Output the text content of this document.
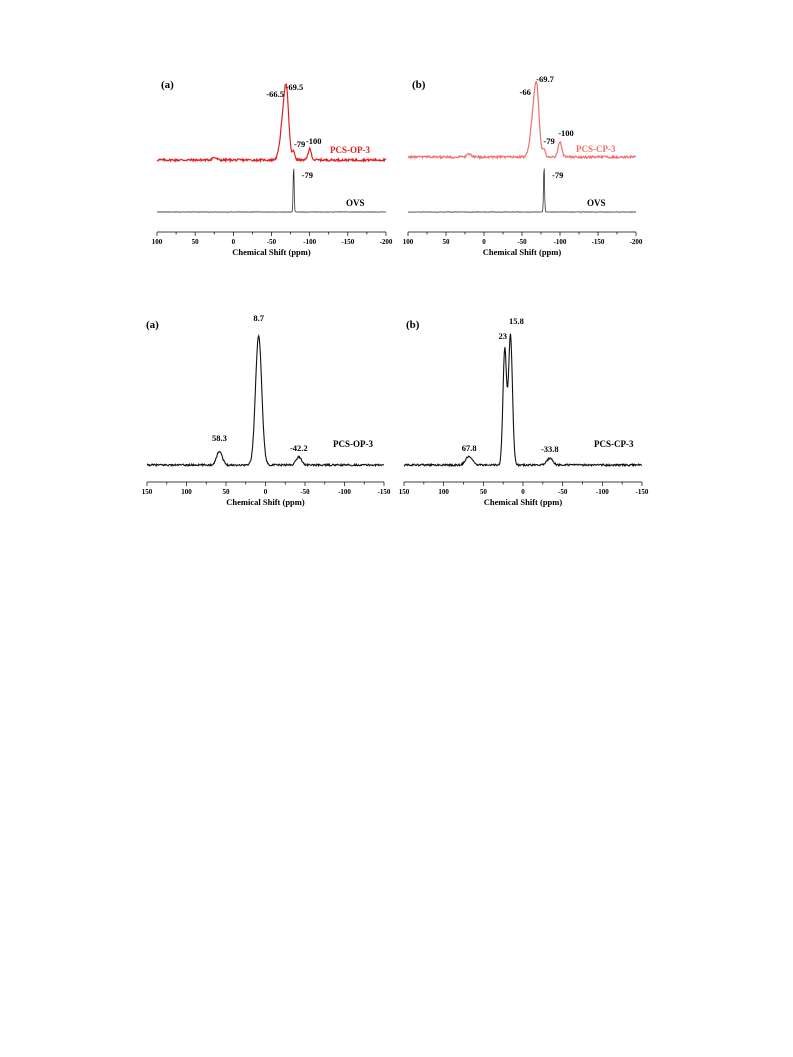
(a)
100	50	0	-50	-100	-150	-200
Chemical Shift (ppm)
-66.5
-69.5
-79 -100
-79
PCS-OP-3
OVS
(b)
100	50	0	-50	-100	-150	-200
Chemical Shift (ppm)
-66
-69.7
-79
-100
-79
PCS-CP-3
OVS
(a)
150	100	50	0	-50	-100	-150
Chemical Shift (ppm)
58.3
8.7
-42.2	PCS-OP-3
(b)
150	100	50	0	-50	-100	-150
Chemical Shift (ppm)
67.8
23
15.8
-33.8	PCS-CP-3
